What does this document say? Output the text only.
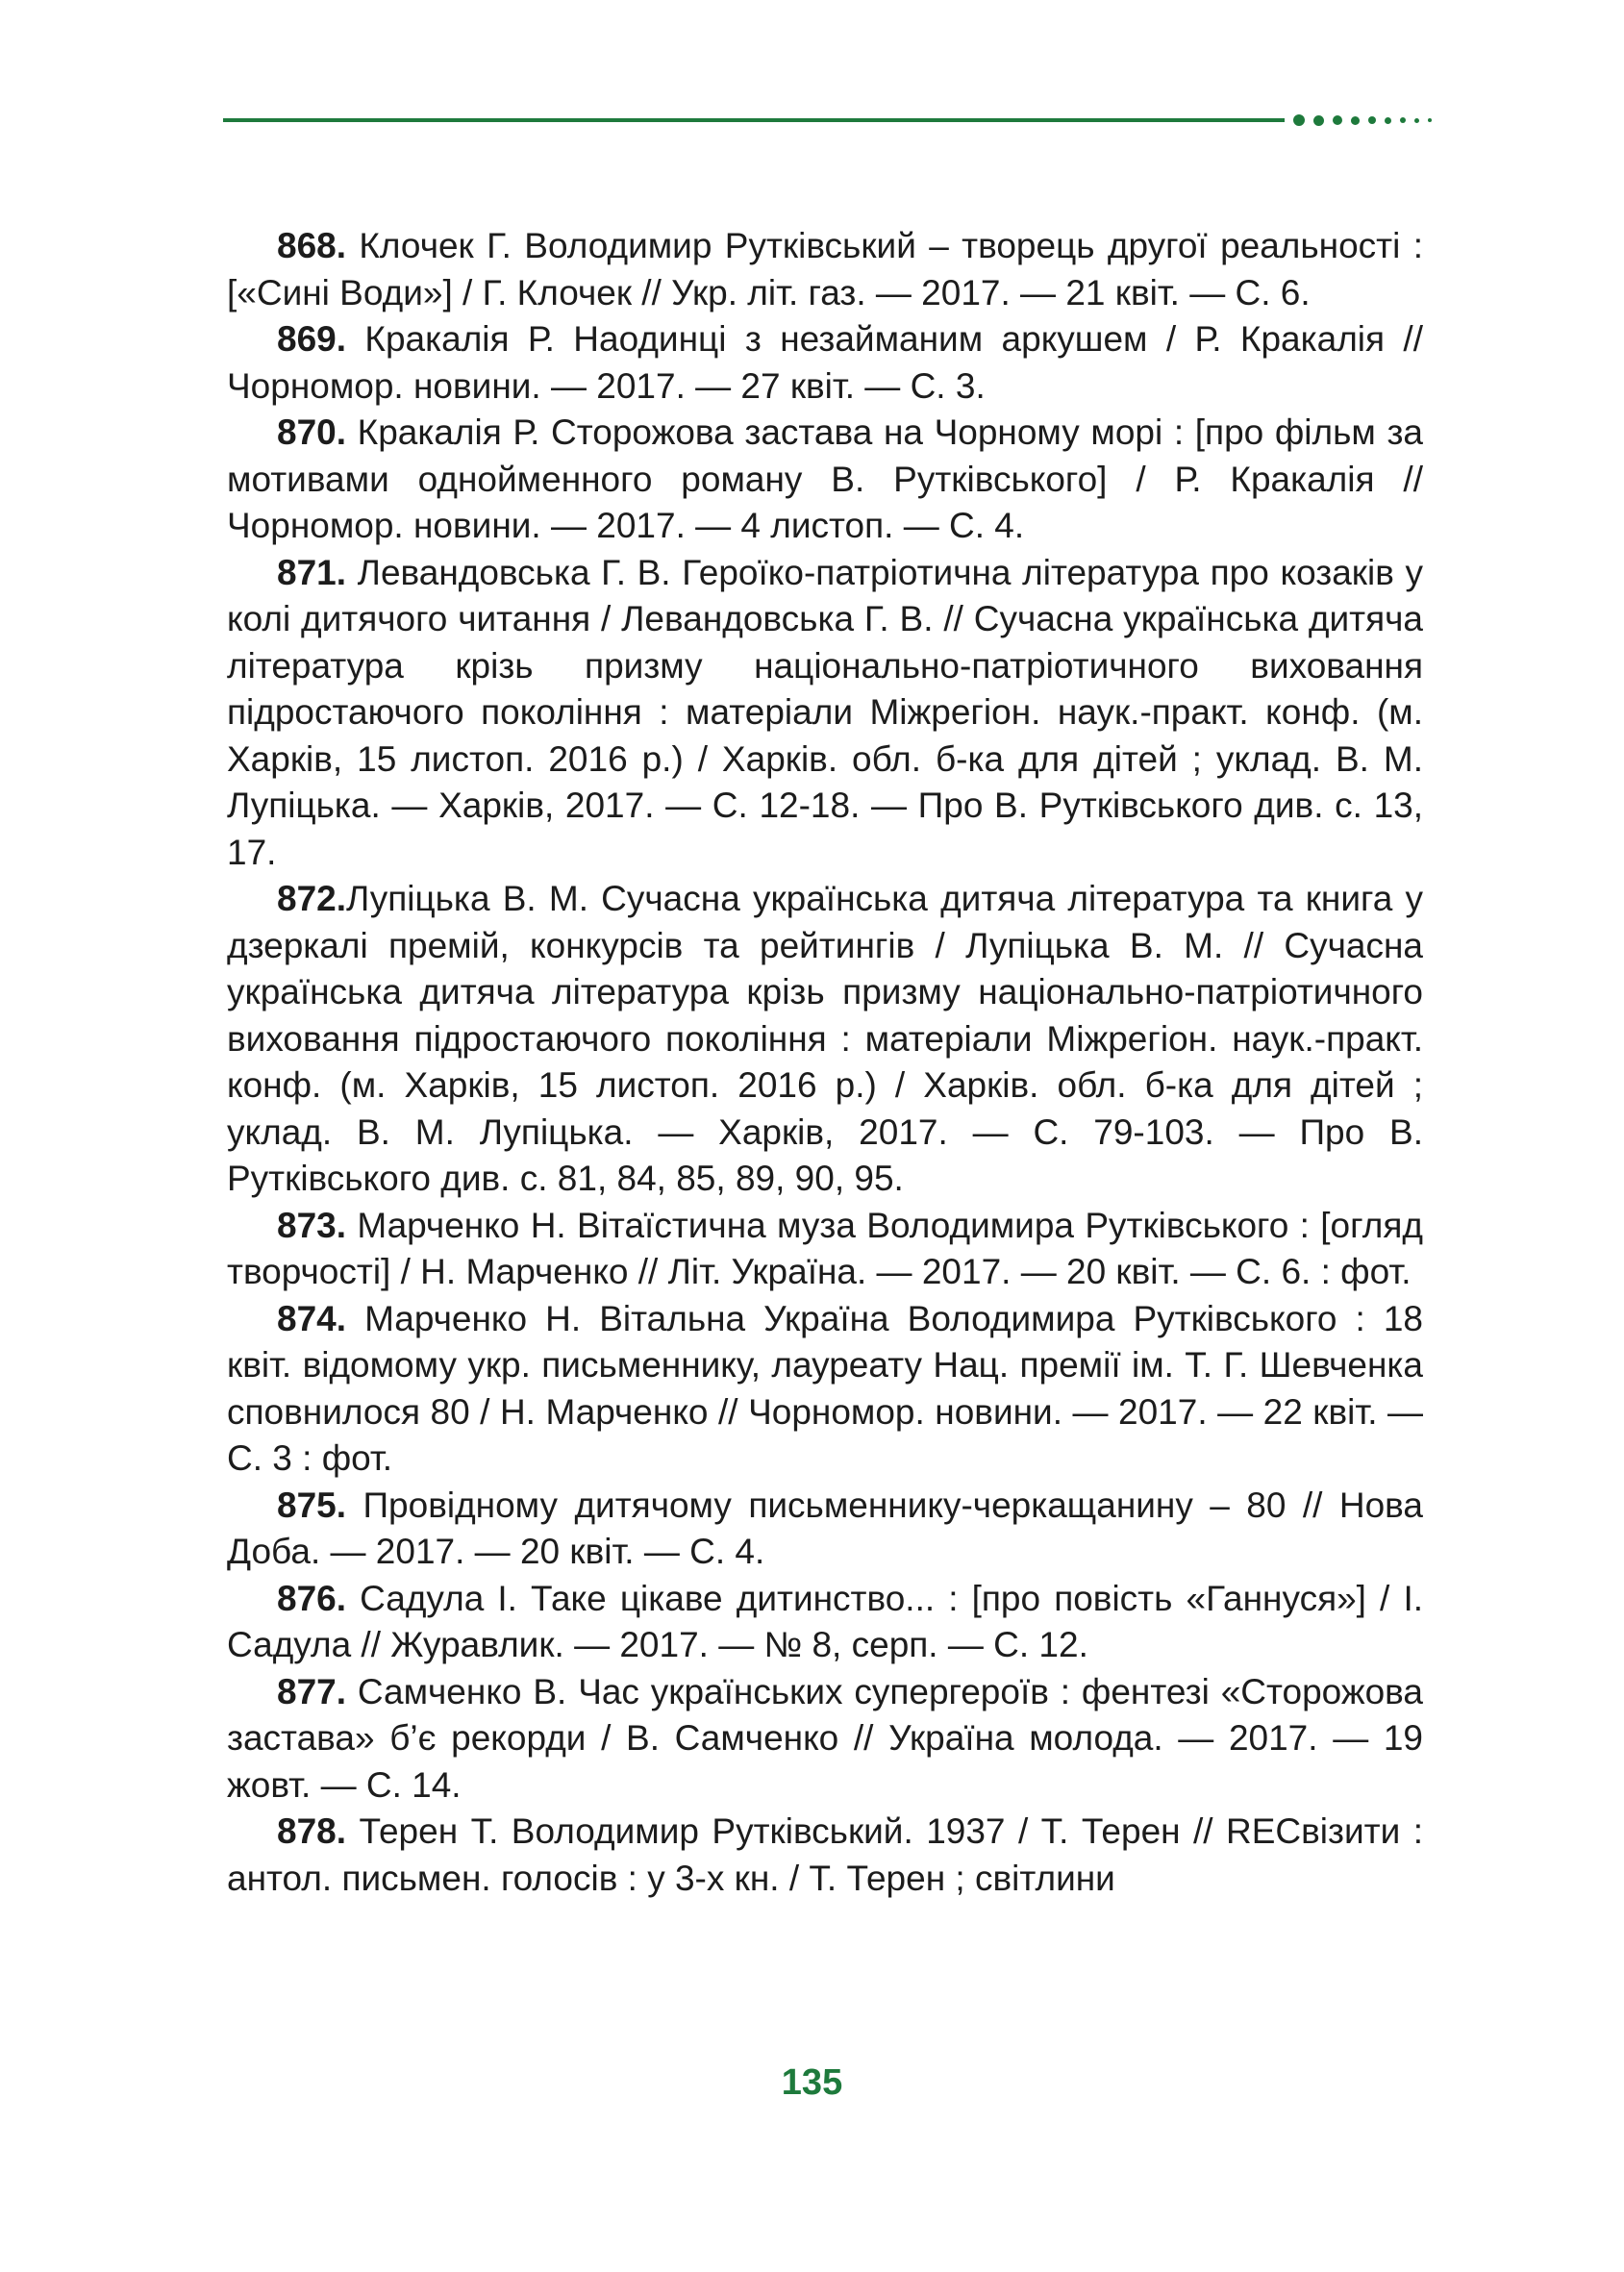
868. Клочек Г. Володимир Рутківський – творець другої реальності : [«Сині Води»] / Г. Клочек // Укр. літ. газ. — 2017. — 21 квіт. — С. 6.

869. Кракалія Р. Наодинці з незайманим аркушем / Р. Кракалія // Чорномор. новини. — 2017. — 27 квіт. — С. 3.

870. Кракалія Р. Сторожова застава на Чорному морі : [про фільм за мотивами однойменного роману В. Рутківського] / Р. Кракалія // Чорномор. новини. — 2017. — 4 листоп. — С. 4.

871. Левандовська Г. В. Героїко-патріотична література про козаків у колі дитячого читання / Левандовська Г. В. // Сучасна українська дитяча література крізь призму національно-патріотичного виховання підростаючого покоління : матеріали Міжрегіон. наук.-практ. конф. (м. Харків, 15 листоп. 2016 р.) / Харків. обл. б-ка для дітей ; уклад. В. М. Лупіцька. — Харків, 2017. — С. 12-18. — Про В. Рутківського див. с. 13, 17.

872.Лупіцька В. М. Сучасна українська дитяча література та книга у дзеркалі премій, конкурсів та рейтингів / Лупіцька В. М. // Сучасна українська дитяча література крізь призму національно-патріотичного виховання підростаючого покоління : матеріали Міжрегіон. наук.-практ. конф. (м. Харків, 15 листоп. 2016 р.) / Харків. обл. б-ка для дітей ; уклад. В. М. Лупіцька. — Харків, 2017. — С. 79-103. — Про В. Рутківського див. с. 81, 84, 85, 89, 90, 95.

873. Марченко Н. Вітаїстична муза Володимира Рутківського : [огляд творчості] / Н. Марченко // Літ. Україна. — 2017. — 20 квіт. — С. 6. : фот.

874. Марченко Н. Вітальна Україна Володимира Рутківського : 18 квіт. відомому укр. письменнику, лауреату Нац. премії ім. Т. Г. Шевченка сповнилося 80 / Н. Марченко // Чорномор. новини. — 2017. — 22 квіт. — С. 3 : фот.

875. Провідному дитячому письменнику-черкащанину – 80 // Нова Доба. — 2017. — 20 квіт. — С. 4.

876. Садула І. Таке цікаве дитинство... : [про повість «Ганнуся»] / І. Садула // Журавлик. — 2017. — № 8, серп. — С. 12.

877. Самченко В. Час українських супергероїв : фентезі «Сторожова застава» б’є рекорди / В. Самченко // Україна молода. — 2017. — 19 жовт. — С. 14.

878. Терен Т. Володимир Рутківський. 1937 / Т. Терен // RECвізити : антол. письмен. голосів : у 3-х кн. / Т. Терен ; світлини

135
